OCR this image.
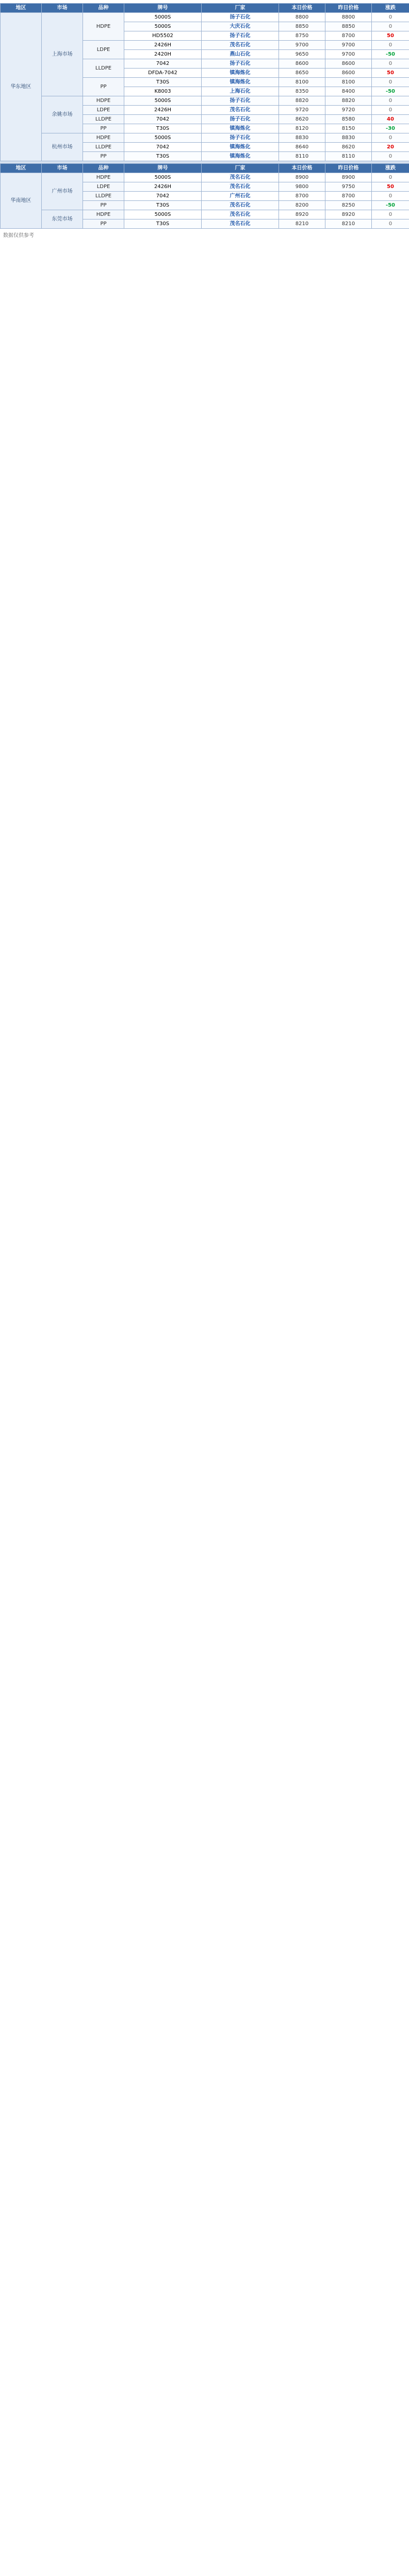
地区	市场	品种	牌号	厂家	本日价格	昨日价格	涨跌
华东地区	上海市场	HDPE	5000S	扬子石化	8800	8800	0
			5000S	大庆石化	8850	8850	0
			HD5502	扬子石化	8750	8700	50
		LDPE	2426H	茂名石化	9700	9700	0
			2420H	燕山石化	9650	9700	-50
		LLDPE	7042	扬子石化	8600	8600	0
			DFDA-7042	镇海炼化	8650	8600	50
		PP	T30S	镇海炼化	8100	8100	0
			K8003	上海石化	8350	8400	-50
	余姚市场	HDPE	5000S	扬子石化	8820	8820	0
		LDPE	2426H	茂名石化	9720	9720	0
		LLDPE	7042	扬子石化	8620	8580	40
		PP	T30S	镇海炼化	8120	8150	-30
	杭州市场	HDPE	5000S	扬子石化	8830	8830	0
		LLDPE	7042	镇海炼化	8640	8620	20
		PP	T30S	镇海炼化	8110	8110	0
地区	市场	品种	牌号	厂家	本日价格	昨日价格	涨跌
华南地区	广州市场	HDPE	5000S	茂名石化	8900	8900	0
		LDPE	2426H	茂名石化	9800	9750	50
		LLDPE	7042	广州石化	8700	8700	0
		PP	T30S	茂名石化	8200	8250	-50
	东莞市场	HDPE	5000S	茂名石化	8920	8920	0
		PP	T30S	茂名石化	8210	8210	0
数据仅供参考
